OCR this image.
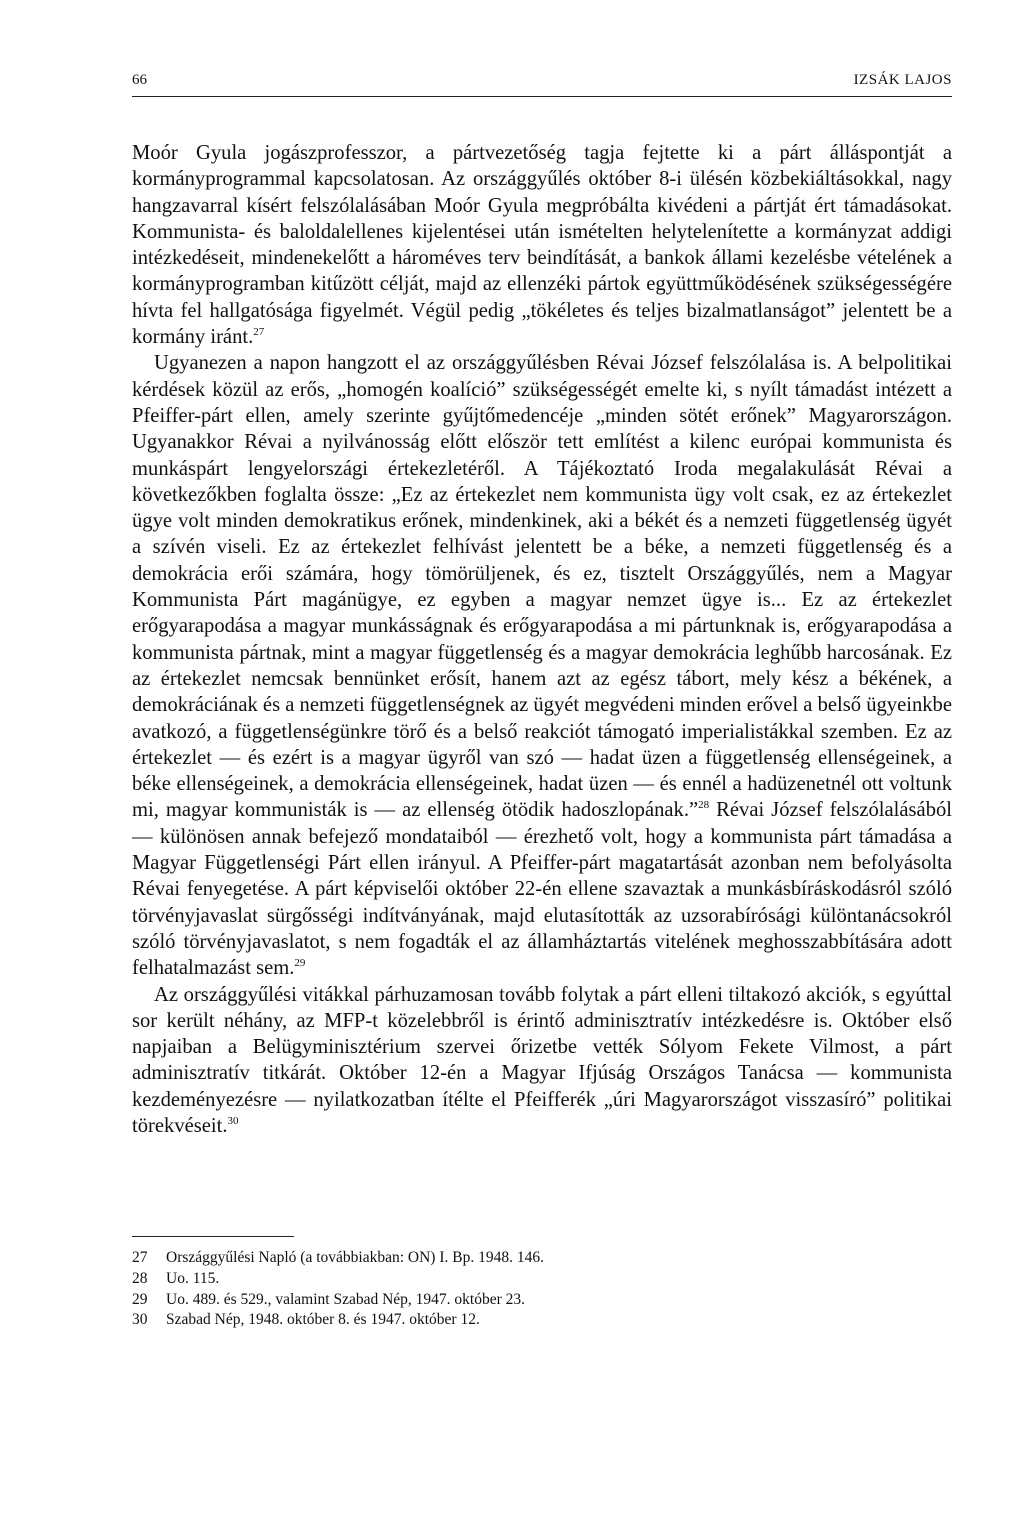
66	IZSÁK LAJOS

Moór Gyula jogászprofesszor, a pártvezetőség tagja fejtette ki a párt álláspontját a kormányprogrammal kapcsolatosan. Az országgyűlés október 8-i ülésén közbekiáltásokkal, nagy hangzavarral kísért felszólalásában Moór Gyula megpróbálta kivédeni a pártját ért támadásokat. Kommunista- és baloldalellenes kijelentései után ismételten helytelenítette a kormányzat addigi intézkedéseit, mindenekelőtt a hároméves terv beindítását, a bankok állami kezelésbe vételének a kormányprogramban kitűzött célját, majd az ellenzéki pártok együttműködésének szükségességére hívta fel hallgatósága figyelmét. Végül pedig „tökéletes és teljes bizalmatlanságot” jelentett be a kormány iránt.$^{27}$

Ugyanezen a napon hangzott el az országgyűlésben Révai József felszólalása is. A belpolitikai kérdések közül az erős, „homogén koalíció” szükségességét emelte ki, s nyílt támadást intézett a Pfeiffer-párt ellen, amely szerinte gyűjtőmedencéje „minden sötét erőnek” Magyarországon. Ugyanakkor Révai a nyilvánosság előtt először tett említést a kilenc európai kommunista és munkáspárt lengyelországi értekezletéről. A Tájékoztató Iroda megalakulását Révai a következőkben foglalta össze: „Ez az értekezlet nem kommunista ügy volt csak, ez az értekezlet ügye volt minden demokratikus erőnek, mindenkinek, aki a békét és a nemzeti függetlenség ügyét a szívén viseli. Ez az értekezlet felhívást jelentett be a béke, a nemzeti függetlenség és a demokrácia erői számára, hogy tömörüljenek, és ez, tisztelt Országgyűlés, nem a Magyar Kommunista Párt magánügye, ez egyben a magyar nemzet ügye is... Ez az értekezlet erőgyarapodása a magyar munkásságnak és erőgyarapodása a mi pártunknak is, erőgyarapodása a kommunista pártnak, mint a magyar függetlenség és a magyar demokrácia leghűbb harcosának. Ez az értekezlet nemcsak bennünket erősít, hanem azt az egész tábort, mely kész a békének, a demokráciának és a nemzeti függetlenségnek az ügyét megvédeni minden erővel a belső ügyeinkbe avatkozó, a függetlenségünkre törő és a belső reakciót támogató imperialistákkal szemben. Ez az értekezlet — és ezért is a magyar ügyről van szó — hadat üzen a függetlenség ellenségeinek, a béke ellenségeinek, a demokrácia ellenségeinek, hadat üzen — és ennél a hadüzenetnél ott voltunk mi, magyar kommunisták is — az ellenség ötödik hadoszlopának.”$^{28}$ Révai József felszólalásából — különösen annak befejező mondataiból — érezhető volt, hogy a kommunista párt támadása a Magyar Függetlenségi Párt ellen irányul. A Pfeiffer-párt magatartását azonban nem befolyásolta Révai fenyegetése. A párt képviselői október 22-én ellene szavaztak a munkásbíráskodásról szóló törvényjavaslat sürgősségi indítványának, majd elutasították az uzsorabírósági különtanácsokról szóló törvényjavaslatot, s nem fogadták el az államháztartás vitelének meghosszabbítására adott felhatalmazást sem.$^{29}$

Az országgyűlési vitákkal párhuzamosan tovább folytak a párt elleni tiltakozó akciók, s egyúttal sor került néhány, az MFP-t közelebbről is érintő adminisztratív intézkedésre is. Október első napjaiban a Belügyminisztérium szervei őrizetbe vették Sólyom Fekete Vilmost, a párt adminisztratív titkárát. Október 12-én a Magyar Ifjúság Országos Tanácsa — kommunista kezdeményezésre — nyilatkozatban ítélte el Pfeifferék „úri Magyarországot visszasíró” politikai törekvéseit.$^{30}$

27 Országgyűlési Napló (a továbbiakban: ON) I. Bp. 1948. 146.
28 Uo. 115.
29 Uo. 489. és 529., valamint Szabad Nép, 1947. október 23.
30 Szabad Nép, 1948. október 8. és 1947. október 12.
